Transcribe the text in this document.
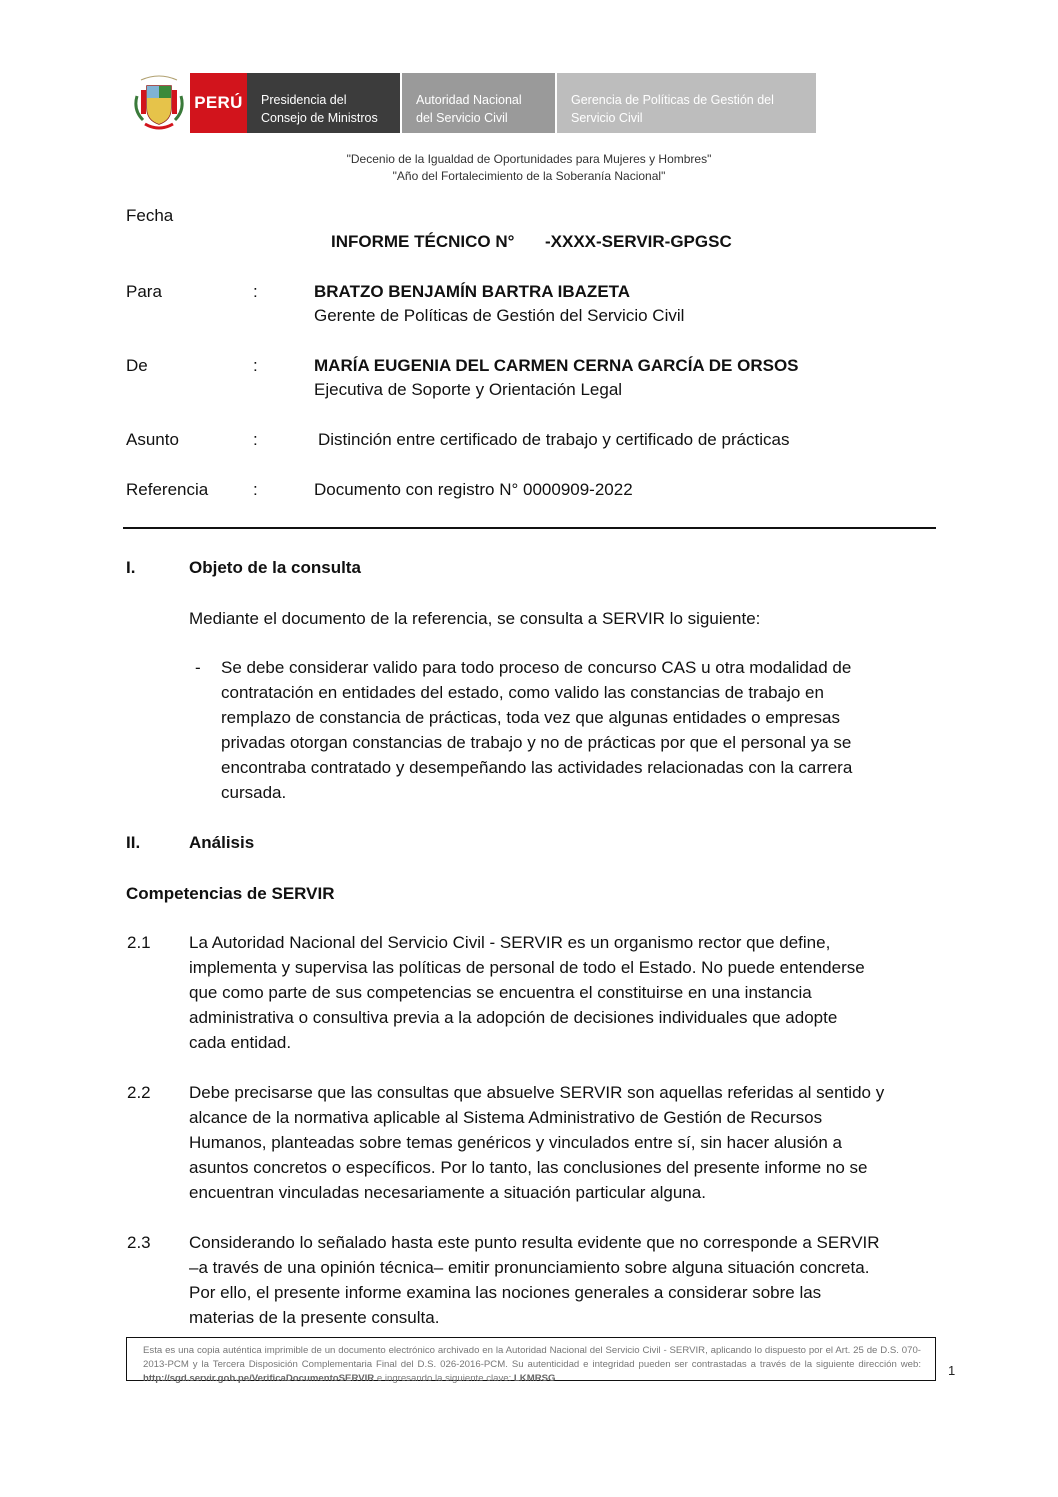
PERÚ Presidencia del
Consejo de Ministros
Autoridad Nacional
del Servicio Civil
Gerencia de Políticas de Gestión del
Servicio Civil
"Decenio de la Igualdad de Oportunidades para Mujeres y Hombres"
"Año del Fortalecimiento de la Soberanía Nacional"
Fecha
INFORME TÉCNICO N° -XXXX-SERVIR-GPGSC
Para	:	BRATZO BENJAMÍN BARTRA IBAZETA
Gerente de Políticas de Gestión del Servicio Civil
De	:	MARÍA EUGENIA DEL CARMEN CERNA GARCÍA DE ORSOS
Ejecutiva de Soporte y Orientación Legal
Asunto	:	Distinción entre certificado de trabajo y certificado de prácticas
Referencia	:	Documento con registro N° 0000909-2022
I.	Objeto de la consulta
Mediante el documento de la referencia, se consulta a SERVIR lo siguiente:
- Se debe considerar valido para todo proceso de concurso CAS u otra modalidad de
contratación en entidades del estado, como valido las constancias de trabajo en
remplazo de constancia de prácticas, toda vez que algunas entidades o empresas
privadas otorgan constancias de trabajo y no de prácticas por que el personal ya se
encontraba contratado y desempeñando las actividades relacionadas con la carrera
cursada.
II.	Análisis
Competencias de SERVIR
2.1 La Autoridad Nacional del Servicio Civil - SERVIR es un organismo rector que define,
implementa y supervisa las políticas de personal de todo el Estado. No puede entenderse
que como parte de sus competencias se encuentra el constituirse en una instancia
administrativa o consultiva previa a la adopción de decisiones individuales que adopte
cada entidad.
2.2 Debe precisarse que las consultas que absuelve SERVIR son aquellas referidas al sentido y
alcance de la normativa aplicable al Sistema Administrativo de Gestión de Recursos
Humanos, planteadas sobre temas genéricos y vinculados entre sí, sin hacer alusión a
asuntos concretos o específicos. Por lo tanto, las conclusiones del presente informe no se
encuentran vinculadas necesariamente a situación particular alguna.
2.3 Considerando lo señalado hasta este punto resulta evidente que no corresponde a SERVIR
–a través de una opinión técnica– emitir pronunciamiento sobre alguna situación concreta.
Por ello, el presente informe examina las nociones generales a considerar sobre las
materias de la presente consulta.
Esta es una copia auténtica imprimible de un documento electrónico archivado en la Autoridad Nacional del Servicio Civil - SERVIR, aplicando lo dispuesto por el Art. 25 de D.S. 070-2013-PCM y la Tercera Disposición Complementaria Final del D.S. 026-2016-PCM. Su autenticidad e integridad pueden ser contrastadas a través de la siguiente dirección web: http://sgd.servir.gob.pe/VerificaDocumentoSERVIR e ingresando la siguiente clave: LKMRSG
1
